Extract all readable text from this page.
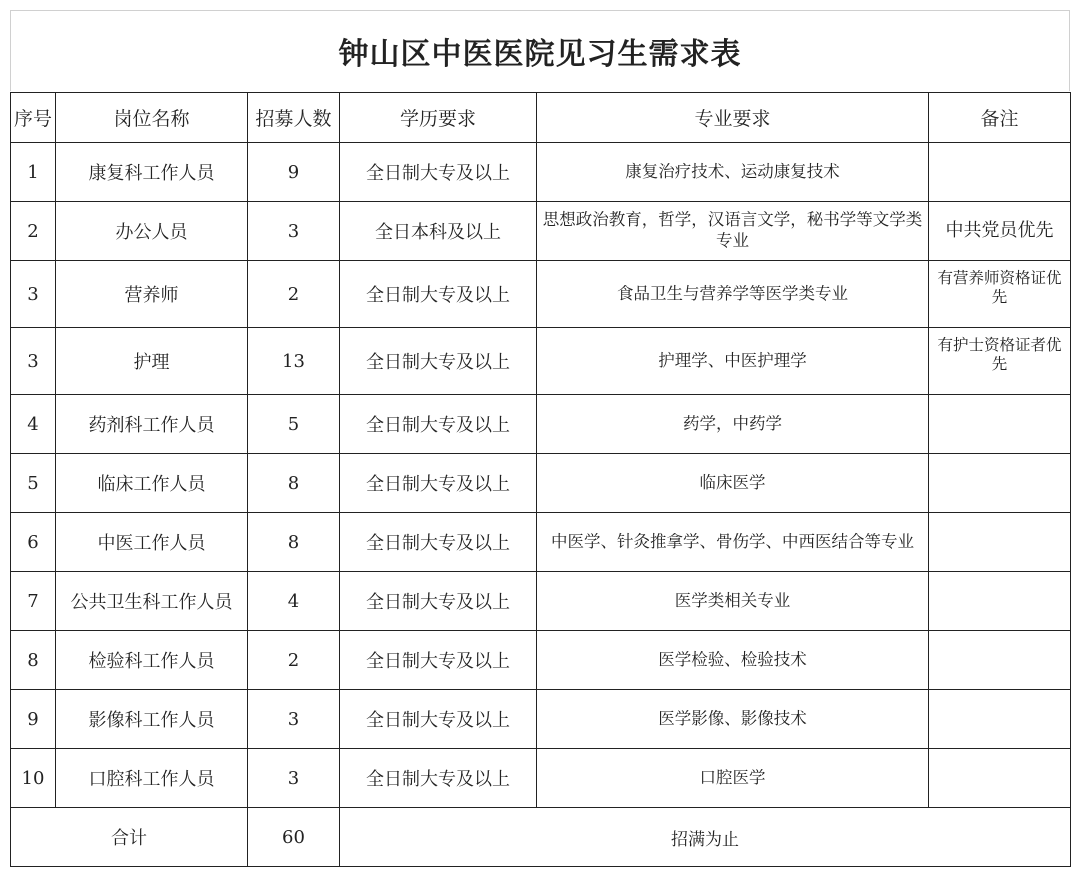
钟山区中医医院见习生需求表
序号	岗位名称	招募人数	学历要求	专业要求	备注
1	康复科工作人员	9	全日制大专及以上	康复治疗技术、运动康复技术	
2	办公人员	3	全日本科及以上	思想政治教育，哲学，汉语言文学，秘书学等文学类专业	中共党员优先
3	营养师	2	全日制大专及以上	食品卫生与营养学等医学类专业	有营养师资格证优先
3	护理	13	全日制大专及以上	护理学、中医护理学	有护士资格证者优先
4	药剂科工作人员	5	全日制大专及以上	药学，中药学	
5	临床工作人员	8	全日制大专及以上	临床医学	
6	中医工作人员	8	全日制大专及以上	中医学、针灸推拿学、骨伤学、中西医结合等专业	
7	公共卫生科工作人员	4	全日制大专及以上	医学类相关专业	
8	检验科工作人员	2	全日制大专及以上	医学检验、检验技术	
9	影像科工作人员	3	全日制大专及以上	医学影像、影像技术	
10	口腔科工作人员	3	全日制大专及以上	口腔医学	
合计		60	招满为止		
